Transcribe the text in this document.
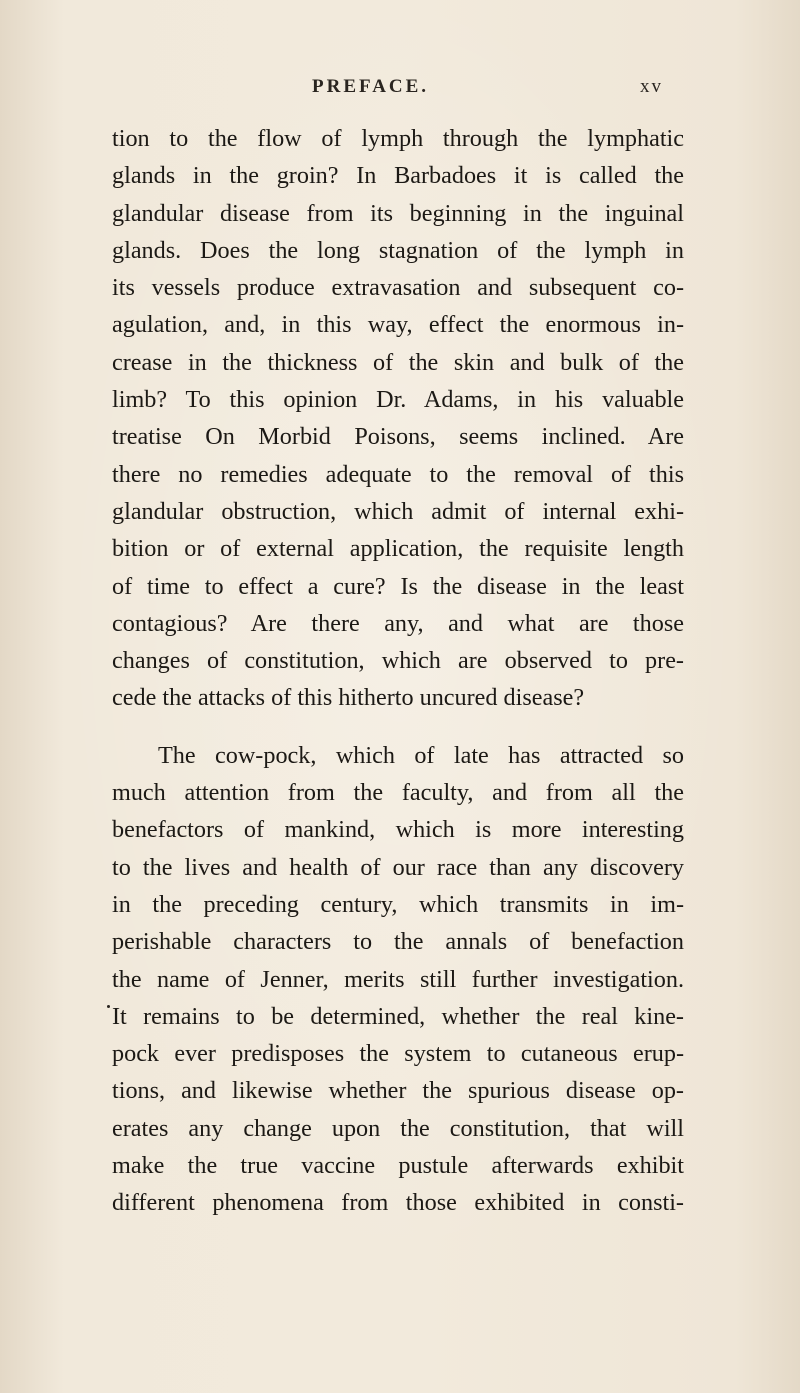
PREFACE.	xv
tion to the flow of lymph through the lymphatic
glands in the groin? In Barbadoes it is called the
glandular disease from its beginning in the inguinal
glands. Does the long stagnation of the lymph in
its vessels produce extravasation and subsequent co-
agulation, and, in this way, effect the enormous in-
crease in the thickness of the skin and bulk of the
limb? To this opinion Dr. Adams, in his valuable
treatise On Morbid Poisons, seems inclined. Are
there no remedies adequate to the removal of this
glandular obstruction, which admit of internal exhi-
bition or of external application, the requisite length
of time to effect a cure? Is the disease in the least
contagious? Are there any, and what are those
changes of constitution, which are observed to pre-
cede the attacks of this hitherto uncured disease?
The cow-pock, which of late has attracted so
much attention from the faculty, and from all the
benefactors of mankind, which is more interesting
to the lives and health of our race than any discovery
in the preceding century, which transmits in im-
perishable characters to the annals of benefaction
the name of Jenner, merits still further investigation.
It remains to be determined, whether the real kine-
pock ever predisposes the system to cutaneous erup-
tions, and likewise whether the spurious disease op-
erates any change upon the constitution, that will
make the true vaccine pustule afterwards exhibit
different phenomena from those exhibited in consti-
